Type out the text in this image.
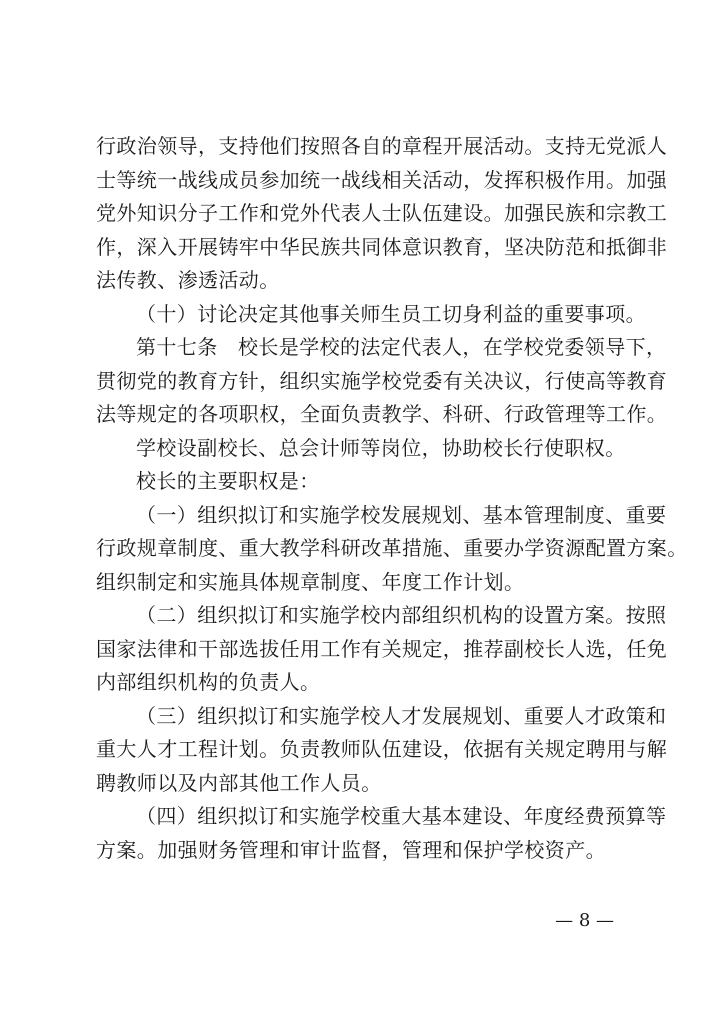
行政治领导，支持他们按照各自的章程开展活动。支持无党派人
士等统一战线成员参加统一战线相关活动，发挥积极作用。加强
党外知识分子工作和党外代表人士队伍建设。加强民族和宗教工
作，深入开展铸牢中华民族共同体意识教育，坚决防范和抵御非
法传教、渗透活动。
（十）讨论决定其他事关师生员工切身利益的重要事项。
第十七条　校长是学校的法定代表人，在学校党委领导下，
贯彻党的教育方针，组织实施学校党委有关决议，行使高等教育
法等规定的各项职权，全面负责教学、科研、行政管理等工作。
学校设副校长、总会计师等岗位，协助校长行使职权。
校长的主要职权是：
（一）组织拟订和实施学校发展规划、基本管理制度、重要
行政规章制度、重大教学科研改革措施、重要办学资源配置方案。
组织制定和实施具体规章制度、年度工作计划。
（二）组织拟订和实施学校内部组织机构的设置方案。按照
国家法律和干部选拔任用工作有关规定，推荐副校长人选，任免
内部组织机构的负责人。
（三）组织拟订和实施学校人才发展规划、重要人才政策和
重大人才工程计划。负责教师队伍建设，依据有关规定聘用与解
聘教师以及内部其他工作人员。
（四）组织拟订和实施学校重大基本建设、年度经费预算等
方案。加强财务管理和审计监督，管理和保护学校资产。
— 8 —
